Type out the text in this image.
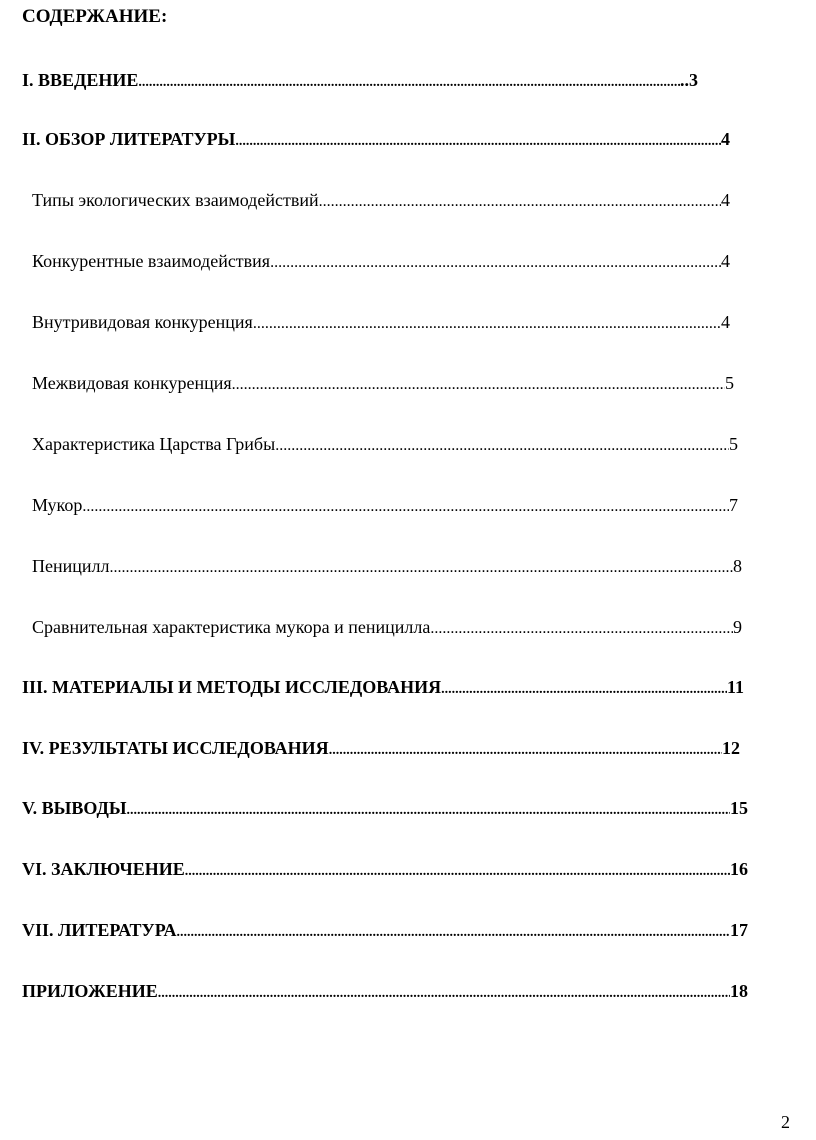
СОДЕРЖАНИЕ:
I. ВВЕДЕНИЕ .....	..3
II. ОБЗОР ЛИТЕРАТУРЫ .....	4
Типы экологических взаимодействий .....	4
Конкурентные взаимодействия .....	4
Внутривидовая конкуренция .....	4
Межвидовая конкуренция .....	5
Характеристика Царства Грибы .....	5
Мукор .....	7
Пеницилл .....	8
Сравнительная характеристика мукора и пеницилла .....	9
III. МАТЕРИАЛЫ И МЕТОДЫ ИССЛЕДОВАНИЯ .....	11
IV. РЕЗУЛЬТАТЫ ИССЛЕДОВАНИЯ .....	12
V. ВЫВОДЫ .....	15
VI. ЗАКЛЮЧЕНИЕ .....	16
VII. ЛИТЕРАТУРА .....	17
ПРИЛОЖЕНИЕ .....	18
2
